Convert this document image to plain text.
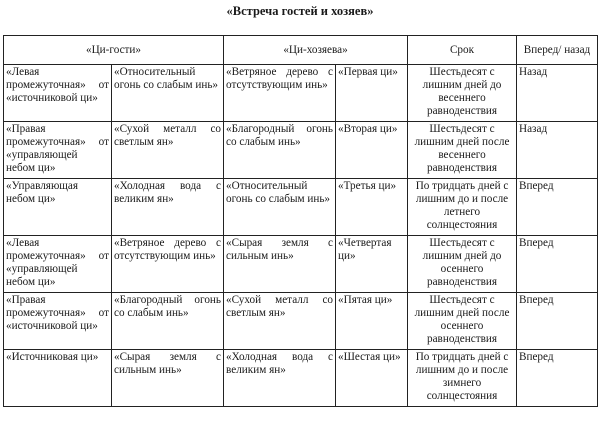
«Встреча гостей и хозяев»
«Ци-гости»		«Ци-хозяева»		Срок	Вперед/ назад
«Левая промежуточная» от «источниковой ци»	«Относительный огонь со слабым инь»	«Ветряное дерево с отсутствующим инь»	«Первая ци»	Шестьдесят с лишним дней до весеннего равноденствия	Назад
«Правая промежуточная» от «управляющей небом ци»	«Сухой металл со светлым ян»	«Благородный огонь со слабым инь»	«Вторая ци»	Шестьдесят с лишним дней после весеннего равноденствия	Назад
«Управляющая небом ци»	«Холодная вода с великим ян»	«Относительный огонь со слабым инь»	«Третья ци»	По тридцать дней с лишним до и после летнего солнцестояния	Вперед
«Левая промежуточная» от «управляющей небом ци»	«Ветряное дерево с отсутствующим инь»	«Сырая земля с сильным инь»	«Четвертая ци»	Шестьдесят с лишним дней до осеннего равноденствия	Вперед
«Правая промежуточная» от «источниковой ци»	«Благородный огонь со слабым инь»	«Сухой металл со светлым ян»	«Пятая ци»	Шестьдесят с лишним дней после осеннего равноденствия	Вперед
«Источниковая ци»	«Сырая земля с сильным инь»	«Холодная вода с великим ян»	«Шестая ци»	По тридцать дней с лишним до и после зимнего солнцестояния	Вперед
